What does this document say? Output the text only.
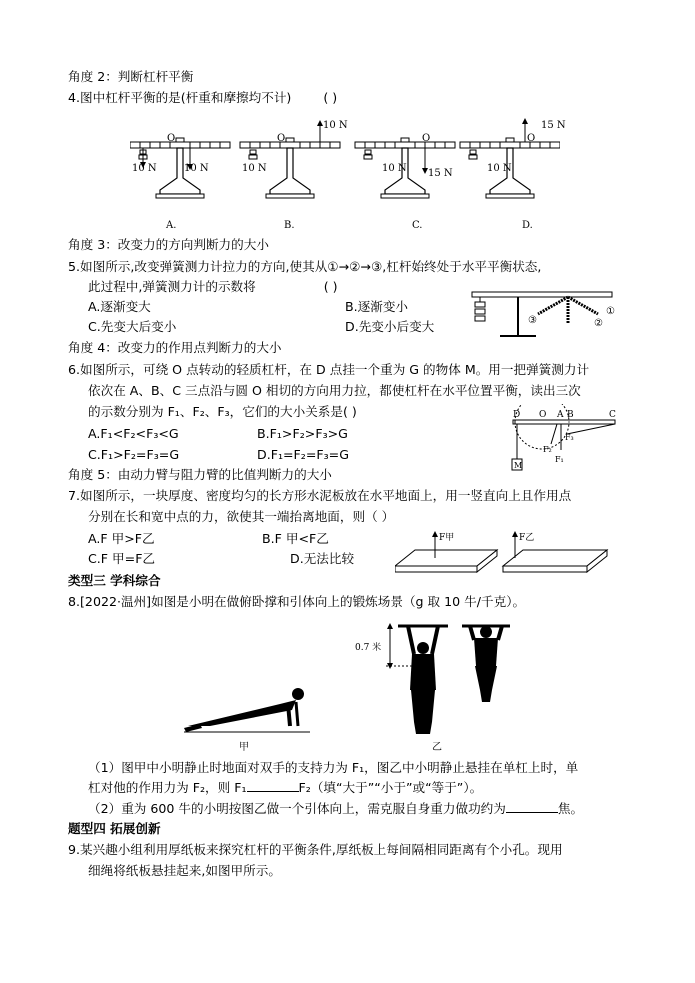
角度 2：判断杠杆平衡
4.图中杠杆平衡的是(杆重和摩擦均不计)	( )
O
10 N	10 N
O
10 N
10 N
O
10 N 15 N
O
10 N
15 N
A.	B.	C.	D.
角度 3：改变力的方向判断力的大小
5.如图所示,改变弹簧测力计拉力的方向,使其从①→②→③,杠杆始终处于水平平衡状态,
此过程中,弹簧测力计的示数将	( )
A.逐渐变大	B.逐渐变小
C.先变大后变小	D.先变小后变大	③	②
①
角度 4：改变力的作用点判断力的大小
6.如图所示，可绕 O 点转动的轻质杠杆，在 D 点挂一个重为 G 的物体 M。用一把弹簧测力计
依次在 A、B、C 三点沿与圆 O 相切的方向用力拉，都使杠杆在水平位置平衡，读出三次
的示数分别为 F₁、F₂、F₃，它们的大小关系是( )
A.F₁<F₂<F₃<G	B.F₁>F₂>F₃>G
C.F₁>F₂=F₃=G	D.F₁=F₂=F₃=G
D O A B	C
F₃
F₂
F₁
M
角度 5：由动力臂与阻力臂的比值判断力的大小
7.如图所示，一块厚度、密度均匀的长方形水泥板放在水平地面上，用一竖直向上且作用点
分别在长和宽中点的力，欲使其一端抬离地面，则（ ）
A.F 甲>F乙	B.F 甲<F乙
C.F 甲=F乙	D.无法比较
F甲	F乙
类型三 学科综合
8.[2022·温州]如图是小明在做俯卧撑和引体向上的锻炼场景（g 取 10 牛/千克）。
0.7 米
甲	乙
（1）图甲中小明静止时地面对双手的支持力为 F₁，图乙中小明静止悬挂在单杠上时，单
杠对他的作用力为 F₂，则 F₁	F₂（填“大于”“小于”或“等于”）。
（2）重为 600 牛的小明按图乙做一个引体向上，需克服自身重力做功约为	焦。
题型四 拓展创新
9.某兴趣小组利用厚纸板来探究杠杆的平衡条件,厚纸板上每间隔相同距离有个小孔。现用
细绳将纸板悬挂起来,如图甲所示。
